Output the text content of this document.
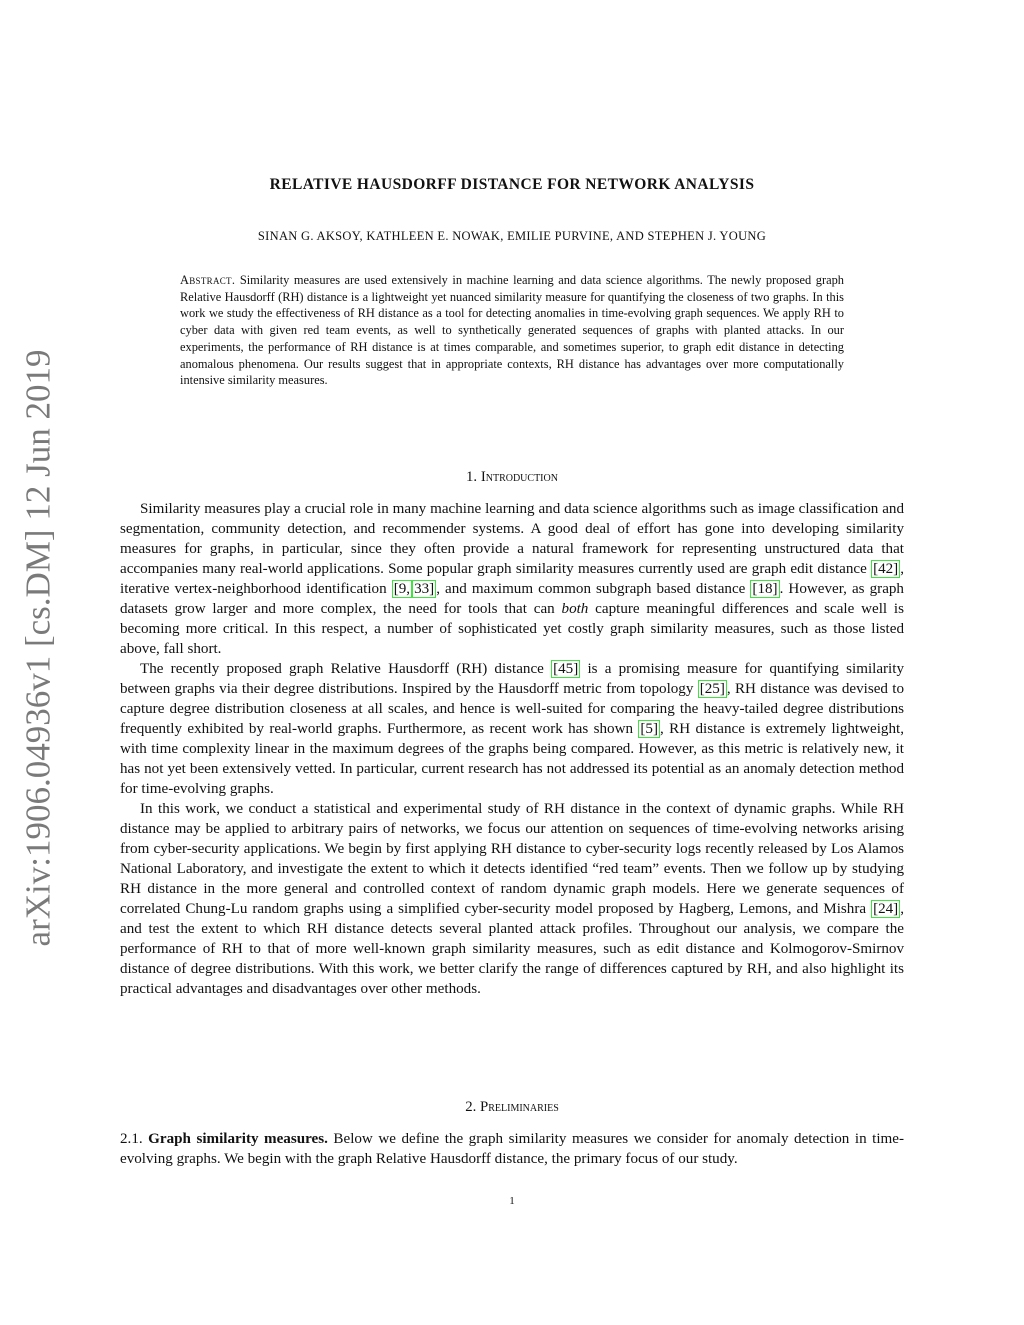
arXiv:1906.04936v1 [cs.DM] 12 Jun 2019
RELATIVE HAUSDORFF DISTANCE FOR NETWORK ANALYSIS
SINAN G. AKSOY, KATHLEEN E. NOWAK, EMILIE PURVINE, AND STEPHEN J. YOUNG
Abstract. Similarity measures are used extensively in machine learning and data science algorithms. The newly proposed graph Relative Hausdorff (RH) distance is a lightweight yet nuanced similarity measure for quantifying the closeness of two graphs. In this work we study the effectiveness of RH distance as a tool for detecting anomalies in time-evolving graph sequences. We apply RH to cyber data with given red team events, as well to synthetically generated sequences of graphs with planted attacks. In our experiments, the performance of RH distance is at times comparable, and sometimes superior, to graph edit distance in detecting anomalous phenomena. Our results suggest that in appropriate contexts, RH distance has advantages over more computationally intensive similarity measures.
1. Introduction

Similarity measures play a crucial role in many machine learning and data science algorithms such as image classification and segmentation, community detection, and recommender systems. A good deal of effort has gone into developing similarity measures for graphs, in particular, since they often provide a natural framework for representing unstructured data that accompanies many real-world applications. Some popular graph similarity measures currently used are graph edit distance [42] , iterative vertex-neighborhood identification [9, 33] , and maximum common subgraph based distance [18] . However, as graph datasets grow larger and more complex, the need for tools that can both capture meaningful differences and scale well is becoming more critical. In this respect, a number of sophisticated yet costly graph similarity measures, such as those listed above, fall short.

The recently proposed graph Relative Hausdorff (RH) distance [45] is a promising measure for quantifying similarity between graphs via their degree distributions. Inspired by the Hausdorff metric from topology [25] , RH distance was devised to capture degree distribution closeness at all scales, and hence is well-suited for comparing the heavy-tailed degree distributions frequently exhibited by real-world graphs. Furthermore, as recent work has shown [5] , RH distance is extremely lightweight, with time complexity linear in the maximum degrees of the graphs being compared. However, as this metric is relatively new, it has not yet been extensively vetted. In particular, current research has not addressed its potential as an anomaly detection method for time-evolving graphs.

In this work, we conduct a statistical and experimental study of RH distance in the context of dynamic graphs. While RH distance may be applied to arbitrary pairs of networks, we focus our attention on sequences of time-evolving networks arising from cyber-security applications. We begin by first applying RH distance to cyber-security logs recently released by Los Alamos National Laboratory, and investigate the extent to which it detects identified “red team” events. Then we follow up by studying RH distance in the more general and controlled context of random dynamic graph models. Here we generate sequences of correlated Chung-Lu random graphs using a simplified cyber-security model proposed by Hagberg, Lemons, and Mishra [24] , and test the extent to which RH distance detects several planted attack profiles. Throughout our analysis, we compare the performance of RH to that of more well-known graph similarity measures, such as edit distance and Kolmogorov-Smirnov distance of degree distributions. With this work, we better clarify the range of differences captured by RH, and also highlight its practical advantages and disadvantages over other methods.

2. Preliminaries

2.1. Graph similarity measures. Below we define the graph similarity measures we consider for anomaly detection in time-evolving graphs. We begin with the graph Relative Hausdorff distance, the primary focus of our study.

1
